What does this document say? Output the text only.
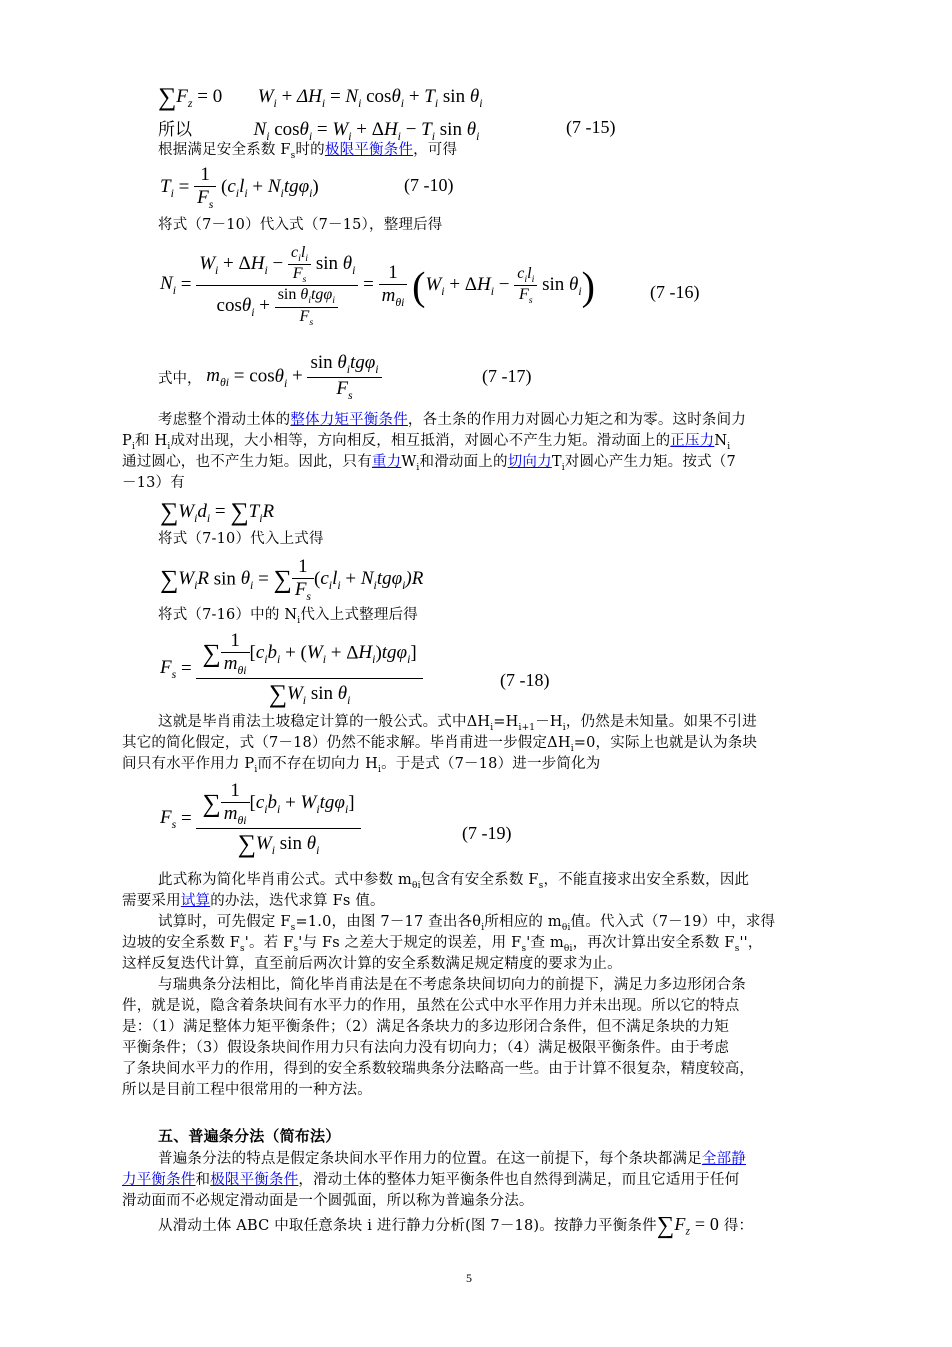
$\sum F_z = 0$  $W_i + \Delta H_i = N_i$ $\cos\theta_i + T_i$ $\sin \theta_i$
所以	$N_i$ $\cos\theta_i = W_i + \Delta H_i - T_i$ $\sin \theta_i$	(7 -15)
根据满足安全系数 $F_s$时的极限平衡条件，可得
$T_i = \frac{1}{F_s} (c_il_i + N_itg\varphi_i)$	(7 -10)
将式（7－10）代入式（7－15），整理后得
$N_i = \frac{W_i + \Delta H_i - \frac{c_il_i}{F_s} \sin \theta_i}{\cos\theta_i + \frac{\sin \theta_itg\varphi_i}{F_s}} = \frac{1}{m_{\theta i}} (W_i + \Delta H_i - \frac{c_il_i}{F_s}$ $\sin \theta_i$)	(7 -16)
式中， $m_{\theta i} = \cos\theta_i + \frac{\sin \theta_itg\varphi_i}{F_s}$	(7 -17)
考虑整个滑动土体的整体力矩平衡条件，各土条的作用力对圆心力矩之和为零。这时条间力
$P_i$和 $H_i$成对出现，大小相等，方向相反，相互抵消，对圆心不产生力矩。滑动面上的正压力$N_i$
通过圆心，也不产生力矩。因此，只有重力$W_i$和滑动面上的切向力$T_i$对圆心产生力矩。按式（7
－13）有
$\sum W_id_i = \sum T_iR$
将式（7-10）代入上式得
$\sum W_iR$ $\sin \theta_i$ = ∑ $\frac{1}{F_s} (c_il_i + N_itg\varphi_i)R$
将式（7-16）中的 $N_i$代入上式整理后得
$F_s = \frac{\sum \frac{1}{m_{\theta i}} [c_ib_i + (W_i + \Delta H_i)tg\varphi_i]}{\sum W_i \sin \theta_i}$	(7 -18)
这就是毕肖甫法土坡稳定计算的一般公式。式中$\Delta H_i=H_{i+1}-H_i$，仍然是未知量。如果不引进
其它的简化假定，式（7－18）仍然不能求解。毕肖甫进一步假定$\Delta H_i=0$，实际上也就是认为条块
间只有水平作用力 $P_i$而不存在切向力 $H_i$。于是式（7－18）进一步简化为
$F_s = \frac{\sum \frac{1}{m_{\theta i}} [c_ib_i + W_itg\varphi_i]}{\sum W_i \sin \theta_i}$	(7 -19)
此式称为简化毕肖甫公式。式中参数 $m_{\theta i}$包含有安全系数 $F_s$，不能直接求出安全系数，因此
需要采用试算的办法，迭代求算 Fs 值。
试算时，可先假定 $F_s=1.0$，由图 7－17 查出各$\theta_i$所相应的 $m_{\theta i}$值。代入式（7－19）中，求得
边坡的安全系数 $F_s'$。若 $F_s'$与 Fs 之差大于规定的误差，用 $F_s'$查 $m_{\theta i}$，再次计算出安全系数 $F_s''$，
这样反复迭代计算，直至前后两次计算的安全系数满足规定精度的要求为止。
与瑞典条分法相比，简化毕肖甫法是在不考虑条块间切向力的前提下，满足力多边形闭合条
件，就是说，隐含着条块间有水平力的作用，虽然在公式中水平作用力并未出现。所以它的特点
是：（1）满足整体力矩平衡条件；（2）满足各条块力的多边形闭合条件，但不满足条块的力矩
平衡条件；（3）假设条块间作用力只有法向力没有切向力；（4）满足极限平衡条件。由于考虑
了条块间水平力的作用，得到的安全系数较瑞典条分法略高一些。由于计算不很复杂，精度较高，
所以是目前工程中很常用的一种方法。
五、普遍条分法（简布法）
普遍条分法的特点是假定条块间水平作用力的位置。在这一前提下，每个条块都满足全部静
力平衡条件和极限平衡条件，滑动土体的整体力矩平衡条件也自然得到满足，而且它适用于任何
滑动面而不必规定滑动面是一个圆弧面，所以称为普遍条分法。
从滑动土体 ABC 中取任意条块 i 进行静力分析(图 7－18)。按静力平衡条件$\sum F_z = 0$ 得：
5
